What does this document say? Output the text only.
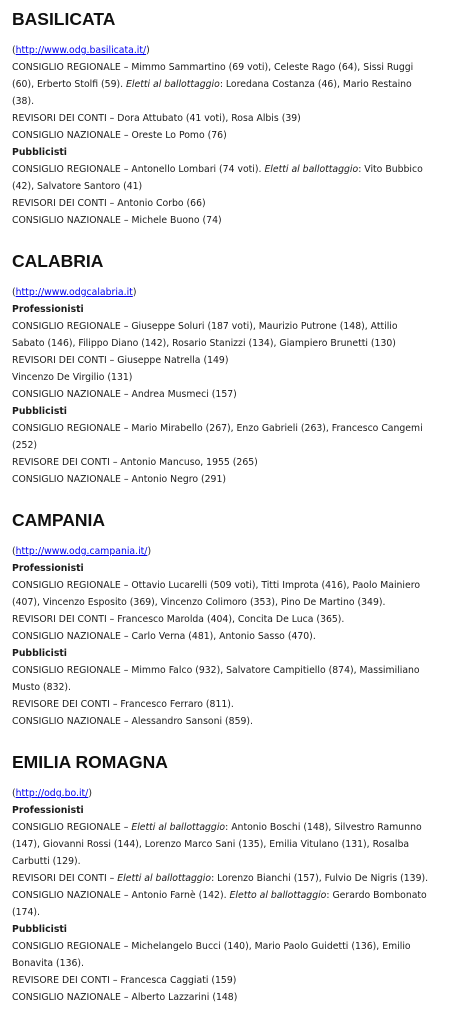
BASILICATA

(http://www.odg.basilicata.it/)

CONSIGLIO REGIONALE – Mimmo Sammartino (69 voti), Celeste Rago (64), Sissi Ruggi

(60), Erberto Stolfi (59). Eletti al ballottaggio: Loredana Costanza (46), Mario Restaino

(38).

REVISORI DEI CONTI – Dora Attubato (41 voti), Rosa Albis (39)

CONSIGLIO NAZIONALE – Oreste Lo Pomo (76)

Pubblicisti

CONSIGLIO REGIONALE – Antonello Lombari (74 voti). Eletti al ballottaggio: Vito Bubbico

(42), Salvatore Santoro (41)

REVISORI DEI CONTI – Antonio Corbo (66)

CONSIGLIO NAZIONALE – Michele Buono (74)

CALABRIA

(http://www.odgcalabria.it)

Professionisti

CONSIGLIO REGIONALE – Giuseppe Soluri (187 voti), Maurizio Putrone (148), Attilio

Sabato (146), Filippo Diano (142), Rosario Stanizzi (134), Giampiero Brunetti (130)

REVISORI DEI CONTI – Giuseppe Natrella (149)

Vincenzo De Virgilio (131)

CONSIGLIO NAZIONALE – Andrea Musmeci (157)

Pubblicisti

CONSIGLIO REGIONALE – Mario Mirabello (267), Enzo Gabrieli (263), Francesco Cangemi

(252)

REVISORE DEI CONTI – Antonio Mancuso, 1955 (265)

CONSIGLIO NAZIONALE – Antonio Negro (291)

CAMPANIA

(http://www.odg.campania.it/)

Professionisti

CONSIGLIO REGIONALE – Ottavio Lucarelli (509 voti), Titti Improta (416), Paolo Mainiero

(407), Vincenzo Esposito (369), Vincenzo Colimoro (353), Pino De Martino (349).

REVISORI DEI CONTI – Francesco Marolda (404), Concita De Luca (365).

CONSIGLIO NAZIONALE – Carlo Verna (481), Antonio Sasso (470).

Pubblicisti

CONSIGLIO REGIONALE – Mimmo Falco (932), Salvatore Campitiello (874), Massimiliano

Musto (832).

REVISORE DEI CONTI – Francesco Ferraro (811).

CONSIGLIO NAZIONALE – Alessandro Sansoni (859).

EMILIA ROMAGNA

(http://odg.bo.it/)

Professionisti

CONSIGLIO REGIONALE – Eletti al ballottaggio: Antonio Boschi (148), Silvestro Ramunno

(147), Giovanni Rossi (144), Lorenzo Marco Sani (135), Emilia Vitulano (131), Rosalba

Carbutti (129).

REVISORI DEI CONTI – Eletti al ballottaggio: Lorenzo Bianchi (157), Fulvio De Nigris (139).

CONSIGLIO NAZIONALE – Antonio Farnè (142). Eletto al ballottaggio: Gerardo Bombonato

(174).

Pubblicisti

CONSIGLIO REGIONALE – Michelangelo Bucci (140), Mario Paolo Guidetti (136), Emilio

Bonavita (136).

REVISORE DEI CONTI – Francesca Caggiati (159)

CONSIGLIO NAZIONALE – Alberto Lazzarini (148)
